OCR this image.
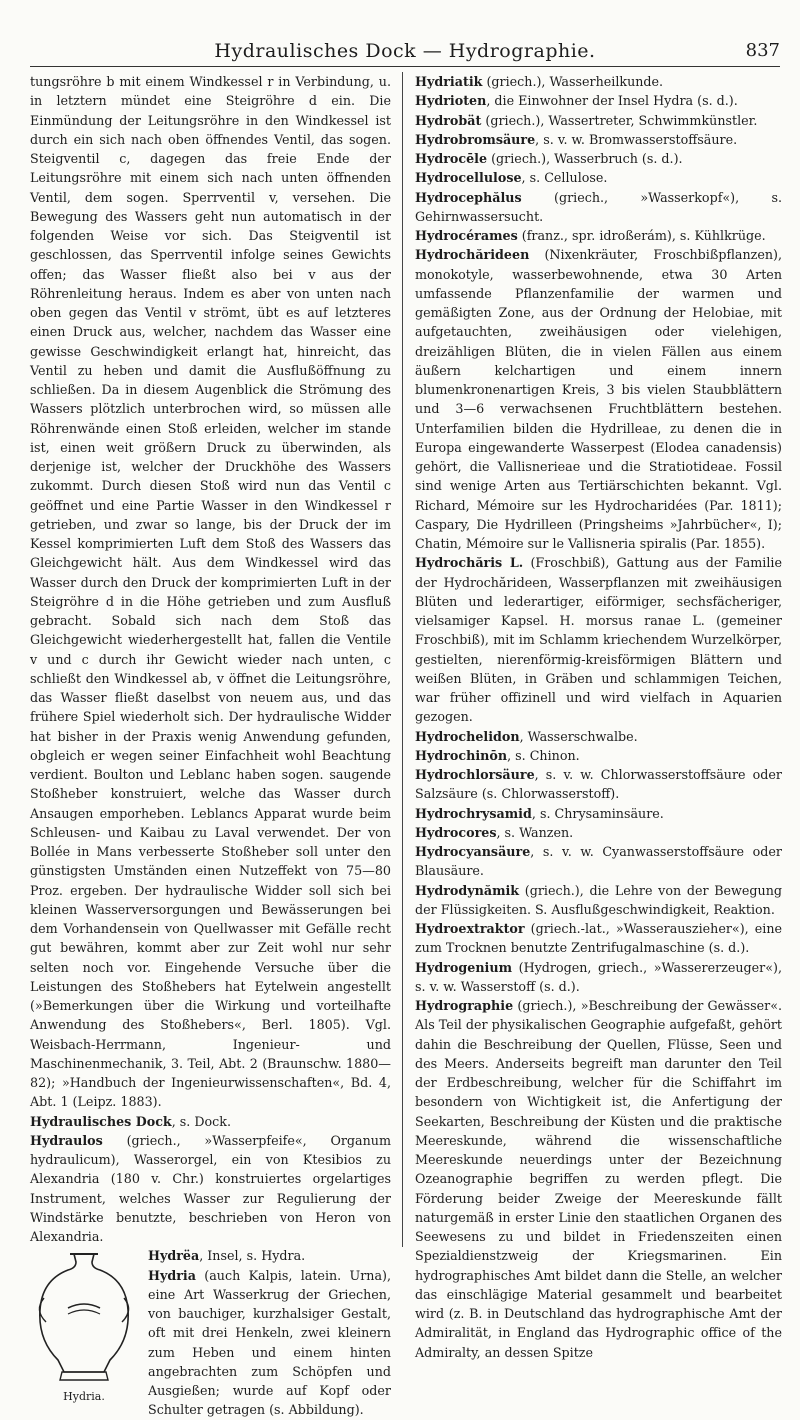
Hydraulisches Dock — Hydrographie.	837

tungsröhre b mit einem Windkessel r in Verbindung, u. in letztern mündet eine Steigröhre d ein. Die Einmündung der Leitungsröhre in den Windkessel ist durch ein sich nach oben öffnendes Ventil, das sogen. Steigventil c, dagegen das freie Ende der Leitungsröhre mit einem sich nach unten öffnenden Ventil, dem sogen. Sperrventil v, versehen. Die Bewegung des Wassers geht nun automatisch in der folgenden Weise vor sich. Das Steigventil ist geschlossen, das Sperrventil infolge seines Gewichts offen; das Wasser fließt also bei v aus der Röhrenleitung heraus. Indem es aber von unten nach oben gegen das Ventil v strömt, übt es auf letzteres einen Druck aus, welcher, nachdem das Wasser eine gewisse Geschwindigkeit erlangt hat, hinreicht, das Ventil zu heben und damit die Ausflußöffnung zu schließen. Da in diesem Augenblick die Strömung des Wassers plötzlich unterbrochen wird, so müssen alle Röhrenwände einen Stoß erleiden, welcher im stande ist, einen weit größern Druck zu überwinden, als derjenige ist, welcher der Druckhöhe des Wassers zukommt. Durch diesen Stoß wird nun das Ventil c geöffnet und eine Partie Wasser in den Windkessel r getrieben, und zwar so lange, bis der Druck der im Kessel komprimierten Luft dem Stoß des Wassers das Gleichgewicht hält. Aus dem Windkessel wird das Wasser durch den Druck der komprimierten Luft in der Steigröhre d in die Höhe getrieben und zum Ausfluß gebracht. Sobald sich nach dem Stoß das Gleichgewicht wiederhergestellt hat, fallen die Ventile v und c durch ihr Gewicht wieder nach unten, c schließt den Windkessel ab, v öffnet die Leitungsröhre, das Wasser fließt daselbst von neuem aus, und das frühere Spiel wiederholt sich. Der hydraulische Widder hat bisher in der Praxis wenig Anwendung gefunden, obgleich er wegen seiner Einfachheit wohl Beachtung verdient. Boulton und Leblanc haben sogen. saugende Stoßheber konstruiert, welche das Wasser durch Ansaugen emporheben. Leblancs Apparat wurde beim Schleusen- und Kaibau zu Laval verwendet. Der von Bollée in Mans verbesserte Stoßheber soll unter den günstigsten Umständen einen Nutzeffekt von 75—80 Proz. ergeben. Der hydraulische Widder soll sich bei kleinen Wasserversorgungen und Bewässerungen bei dem Vorhandensein von Quellwasser mit Gefälle recht gut bewähren, kommt aber zur Zeit wohl nur sehr selten noch vor. Eingehende Versuche über die Leistungen des Stoßhebers hat Eytelwein angestellt (»Bemerkungen über die Wirkung und vorteilhafte Anwendung des Stoßhebers«, Berl. 1805). Vgl. Weisbach-Herrmann, Ingenieur- und Maschinenmechanik, 3. Teil, Abt. 2 (Braunschw. 1880—82); »Handbuch der Ingenieurwissenschaften«, Bd. 4, Abt. 1 (Leipz. 1883).

Hydraulisches Dock, s. Dock.

Hydraulos (griech., »Wasserpfeife«, Organum hydraulicum), Wasserorgel, ein von Ktesibios zu Alexandria (180 v. Chr.) konstruiertes orgelartiges Instrument, welches Wasser zur Regulierung der Windstärke benutzte, beschrieben von Heron von Alexandria.

Hydria.

Hydrëa, Insel, s. Hydra.

Hydria (auch Kalpis, latein. Urna), eine Art Wasserkrug der Griechen, von bauchiger, kurzhalsiger Gestalt, oft mit drei Henkeln, zwei kleinern zum Heben und einem hinten angebrachten zum Schöpfen und Ausgießen; wurde auf Kopf oder Schulter getragen (s. Abbildung).

Hydriatik (griech.), Wasserheilkunde.

Hydrioten, die Einwohner der Insel Hydra (s. d.).

Hydrobät (griech.), Wassertreter, Schwimmkünstler.

Hydrobromsäure, s. v. w. Bromwasserstoffsäure.

Hydrocēle (griech.), Wasserbruch (s. d.).

Hydrocellulose, s. Cellulose.

Hydrocephălus (griech., »Wasserkopf«), s. Gehirnwassersucht.

Hydrocérames (franz., spr. idroßerám), s. Kühlkrüge.

Hydrochărideen (Nixenkräuter, Froschbißpflanzen), monokotyle, wasserbewohnende, etwa 30 Arten umfassende Pflanzenfamilie der warmen und gemäßigten Zone, aus der Ordnung der Helobiae, mit aufgetauchten, zweihäusigen oder vielehigen, dreizähligen Blüten, die in vielen Fällen aus einem äußern kelchartigen und einem innern blumenkronenartigen Kreis, 3 bis vielen Staubblättern und 3—6 verwachsenen Fruchtblättern bestehen. Unterfamilien bilden die Hydrilleae, zu denen die in Europa eingewanderte Wasserpest (Elodea canadensis) gehört, die Vallisnerieae und die Stratiotideae. Fossil sind wenige Arten aus Tertiärschichten bekannt. Vgl. Richard, Mémoire sur les Hydrocharidées (Par. 1811); Caspary, Die Hydrilleen (Pringsheims »Jahrbücher«, I); Chatin, Mémoire sur le Vallisneria spiralis (Par. 1855).

Hydrochăris L. (Froschbiß), Gattung aus der Familie der Hydrochărideen, Wasserpflanzen mit zweihäusigen Blüten und lederartiger, eiförmiger, sechsfächeriger, vielsamiger Kapsel. H. morsus ranae L. (gemeiner Froschbiß), mit im Schlamm kriechendem Wurzelkörper, gestielten, nierenförmig-kreisförmigen Blättern und weißen Blüten, in Gräben und schlammigen Teichen, war früher offizinell und wird vielfach in Aquarien gezogen.

Hydrochelidon, Wasserschwalbe.

Hydrochinōn, s. Chinon.

Hydrochlorsäure, s. v. w. Chlorwasserstoffsäure oder Salzsäure (s. Chlorwasserstoff).

Hydrochrysamid, s. Chrysaminsäure.

Hydrocores, s. Wanzen.

Hydrocyansäure, s. v. w. Cyanwasserstoffsäure oder Blausäure.

Hydrodynămik (griech.), die Lehre von der Bewegung der Flüssigkeiten. S. Ausflußgeschwindigkeit, Reaktion.

Hydroextraktor (griech.-lat., »Wasserauszieher«), eine zum Trocknen benutzte Zentrifugalmaschine (s. d.).

Hydrogenium (Hydrogen, griech., »Wassererzeuger«), s. v. w. Wasserstoff (s. d.).

Hydrographie (griech.), »Beschreibung der Gewässer«. Als Teil der physikalischen Geographie aufgefaßt, gehört dahin die Beschreibung der Quellen, Flüsse, Seen und des Meers. Anderseits begreift man darunter den Teil der Erdbeschreibung, welcher für die Schiffahrt im besondern von Wichtigkeit ist, die Anfertigung der Seekarten, Beschreibung der Küsten und die praktische Meereskunde, während die wissenschaftliche Meereskunde neuerdings unter der Bezeichnung Ozeanographie begriffen zu werden pflegt. Die Förderung beider Zweige der Meereskunde fällt naturgemäß in erster Linie den staatlichen Organen des Seewesens zu und bildet in Friedenszeiten einen Spezialdienstzweig der Kriegsmarinen. Ein hydrographisches Amt bildet dann die Stelle, an welcher das einschlägige Material gesammelt und bearbeitet wird (z. B. in Deutschland das hydrographische Amt der Admiralität, in England das Hydrographic office of the Admiralty, an dessen Spitze
